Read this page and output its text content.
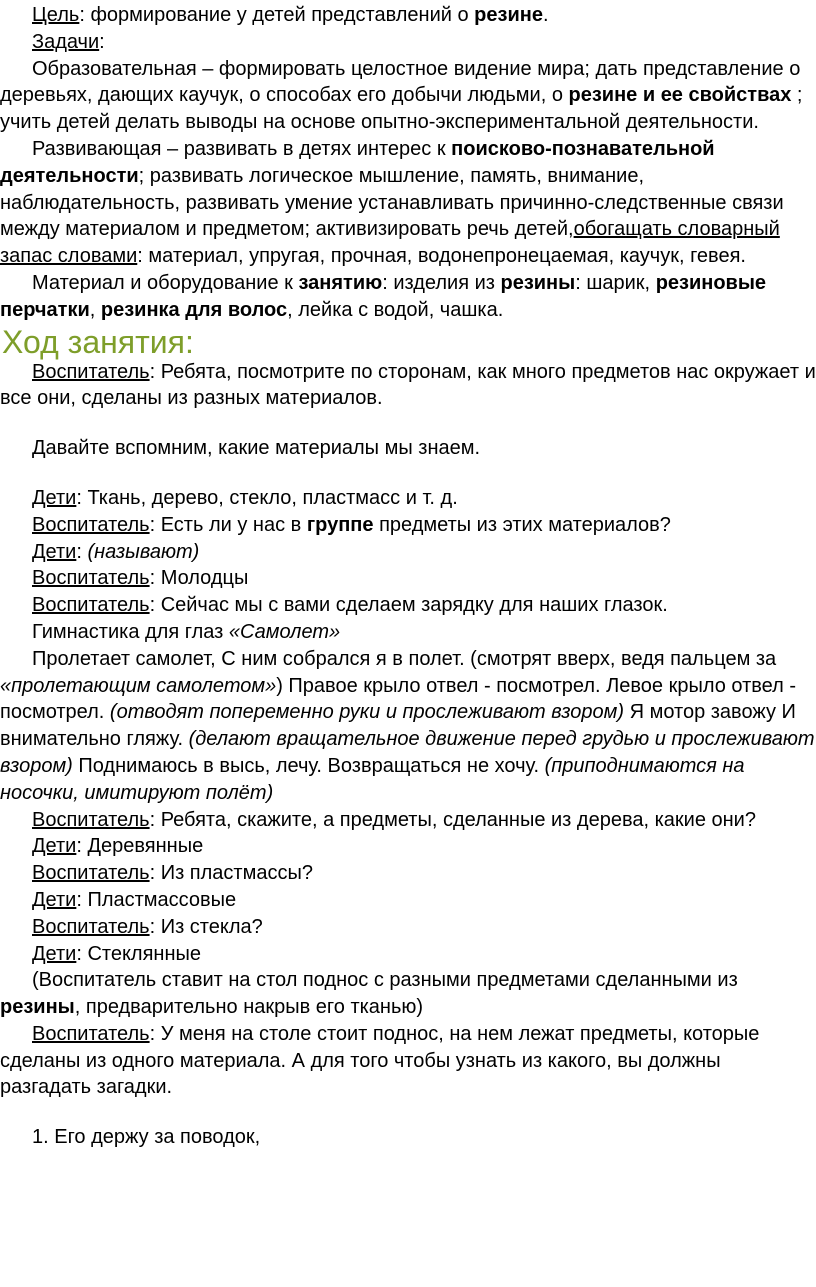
Цель: формирование у детей представлений о резине.

Задачи:

Образовательная – формировать целостное видение мира; дать представление о деревьях, дающих каучук, о способах его добычи людьми, о резине и ее свойствах ; учить детей делать выводы на основе опытно-экспериментальной деятельности.

Развивающая – развивать в детях интерес к поисково-познавательной деятельности; развивать логическое мышление, память, внимание, наблюдательность, развивать умение устанавливать причинно-следственные связи между материалом и предметом; активизировать речь детей,обогащать словарный запас словами: материал, упругая, прочная, водонепронецаемая, каучук, гевея.

Материал и оборудование к занятию: изделия из резины: шарик, резиновые перчатки, резинка для волос, лейка с водой, чашка.

Ход занятия:

Воспитатель: Ребята, посмотрите по сторонам, как много предметов нас окружает и все они, сделаны из разных материалов.

Давайте вспомним, какие материалы мы знаем.

Дети: Ткань, дерево, стекло, пластмасс и т. д.

Воспитатель: Есть ли у нас в группе предметы из этих материалов?

Дети: (называют)

Воспитатель: Молодцы

Воспитатель: Сейчас мы с вами сделаем зарядку для наших глазок.

Гимнастика для глаз «Самолет»

Пролетает самолет, С ним собрался я в полет. (смотрят вверх, ведя пальцем за «пролетающим самолетом») Правое крыло отвел - посмотрел. Левое крыло отвел - посмотрел. (отводят попеременно руки и прослеживают взором) Я мотор завожу И внимательно гляжу. (делают вращательное движение перед грудью и прослеживают взором) Поднимаюсь в высь, лечу. Возвращаться не хочу. (приподнимаются на носочки, имитируют полёт)

Воспитатель: Ребята, скажите, а предметы, сделанные из дерева, какие они?

Дети: Деревянные

Воспитатель: Из пластмассы?

Дети: Пластмассовые

Воспитатель: Из стекла?

Дети: Стеклянные

(Воспитатель ставит на стол поднос с разными предметами сделанными из резины, предварительно накрыв его тканью)

Воспитатель: У меня на столе стоит поднос, на нем лежат предметы, которые сделаны из одного материала. А для того чтобы узнать из какого, вы должны разгадать загадки.

1. Его держу за поводок,
